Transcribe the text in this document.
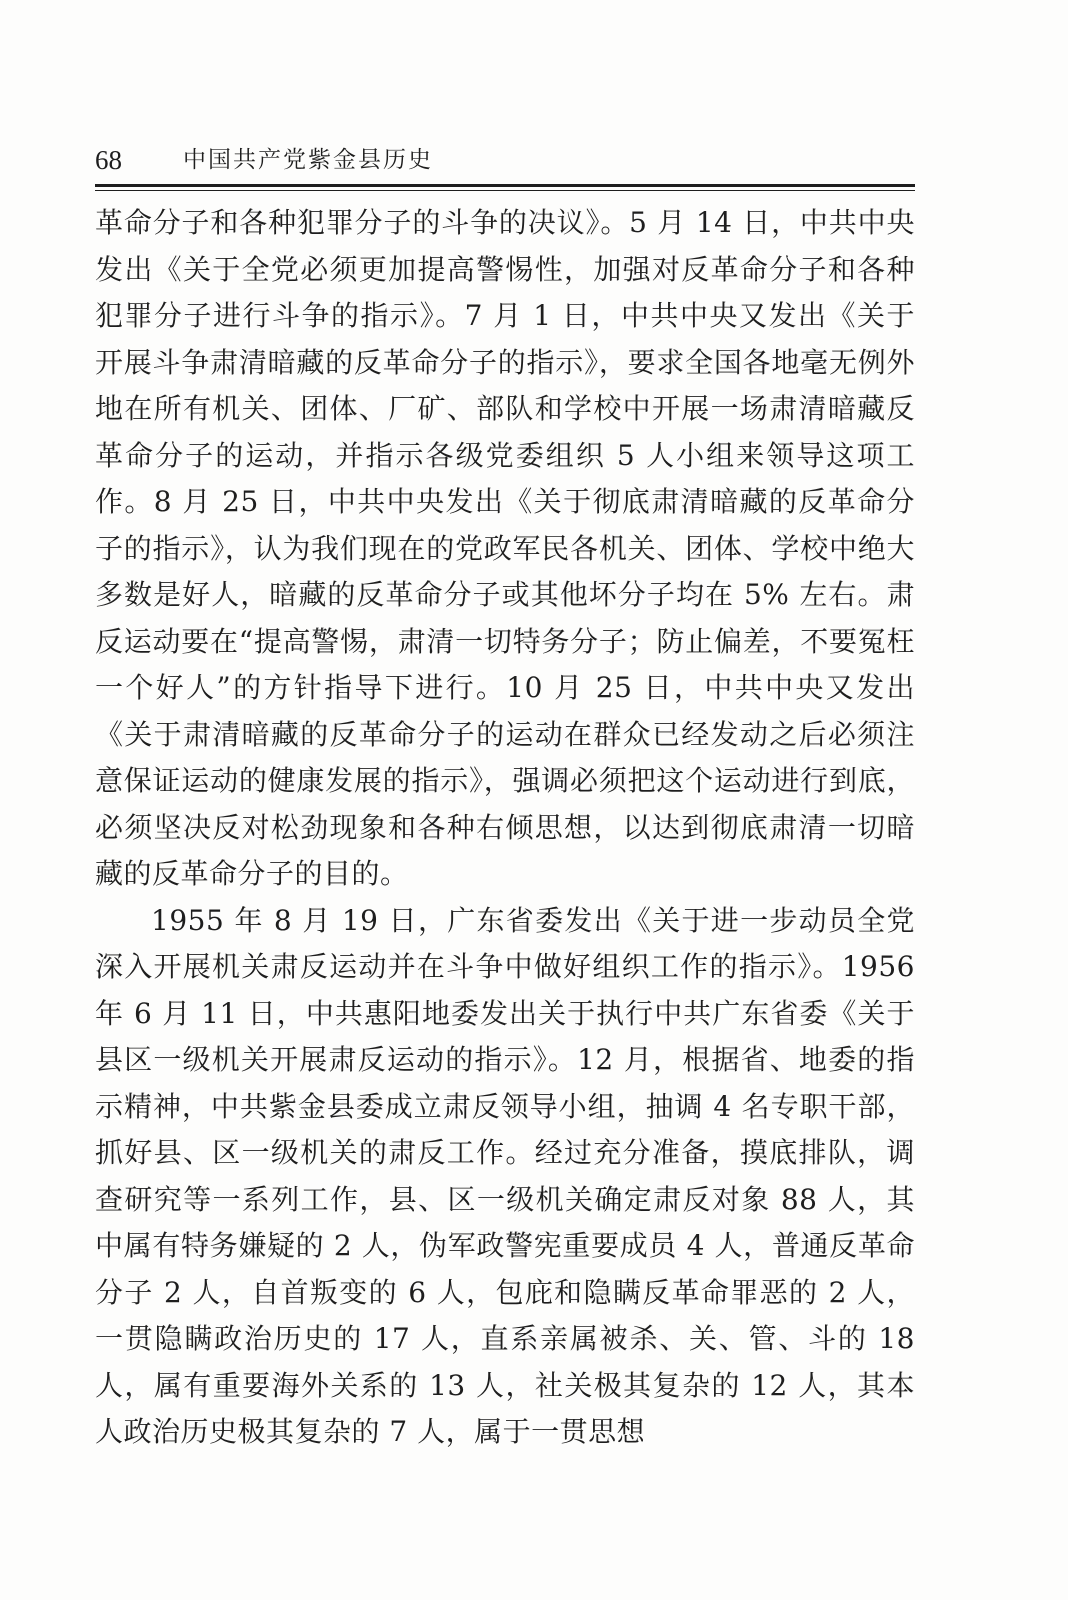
68	中国共产党紫金县历史

革命分子和各种犯罪分子的斗争的决议》。5 月 14 日，中共中央发出《关于全党必须更加提高警惕性，加强对反革命分子和各种犯罪分子进行斗争的指示》。7 月 1 日，中共中央又发出《关于开展斗争肃清暗藏的反革命分子的指示》，要求全国各地毫无例外地在所有机关、团体、厂矿、部队和学校中开展一场肃清暗藏反革命分子的运动，并指示各级党委组织 5 人小组来领导这项工作。8 月 25 日，中共中央发出《关于彻底肃清暗藏的反革命分子的指示》，认为我们现在的党政军民各机关、团体、学校中绝大多数是好人，暗藏的反革命分子或其他坏分子均在 5% 左右。肃反运动要在“提高警惕，肃清一切特务分子；防止偏差，不要冤枉一个好人”的方针指导下进行。10 月 25 日，中共中央又发出《关于肃清暗藏的反革命分子的运动在群众已经发动之后必须注意保证运动的健康发展的指示》，强调必须把这个运动进行到底，必须坚决反对松劲现象和各种右倾思想，以达到彻底肃清一切暗藏的反革命分子的目的。

1955 年 8 月 19 日，广东省委发出《关于进一步动员全党深入开展机关肃反运动并在斗争中做好组织工作的指示》。1956 年 6 月 11 日，中共惠阳地委发出关于执行中共广东省委《关于县区一级机关开展肃反运动的指示》。12 月，根据省、地委的指示精神，中共紫金县委成立肃反领导小组，抽调 4 名专职干部，抓好县、区一级机关的肃反工作。经过充分准备，摸底排队，调查研究等一系列工作，县、区一级机关确定肃反对象 88 人，其中属有特务嫌疑的 2 人，伪军政警宪重要成员 4 人，普通反革命分子 2 人，自首叛变的 6 人，包庇和隐瞒反革命罪恶的 2 人，一贯隐瞒政治历史的 17 人，直系亲属被杀、关、管、斗的 18 人，属有重要海外关系的 13 人，社关极其复杂的 12 人，其本人政治历史极其复杂的 7 人，属于一贯思想
